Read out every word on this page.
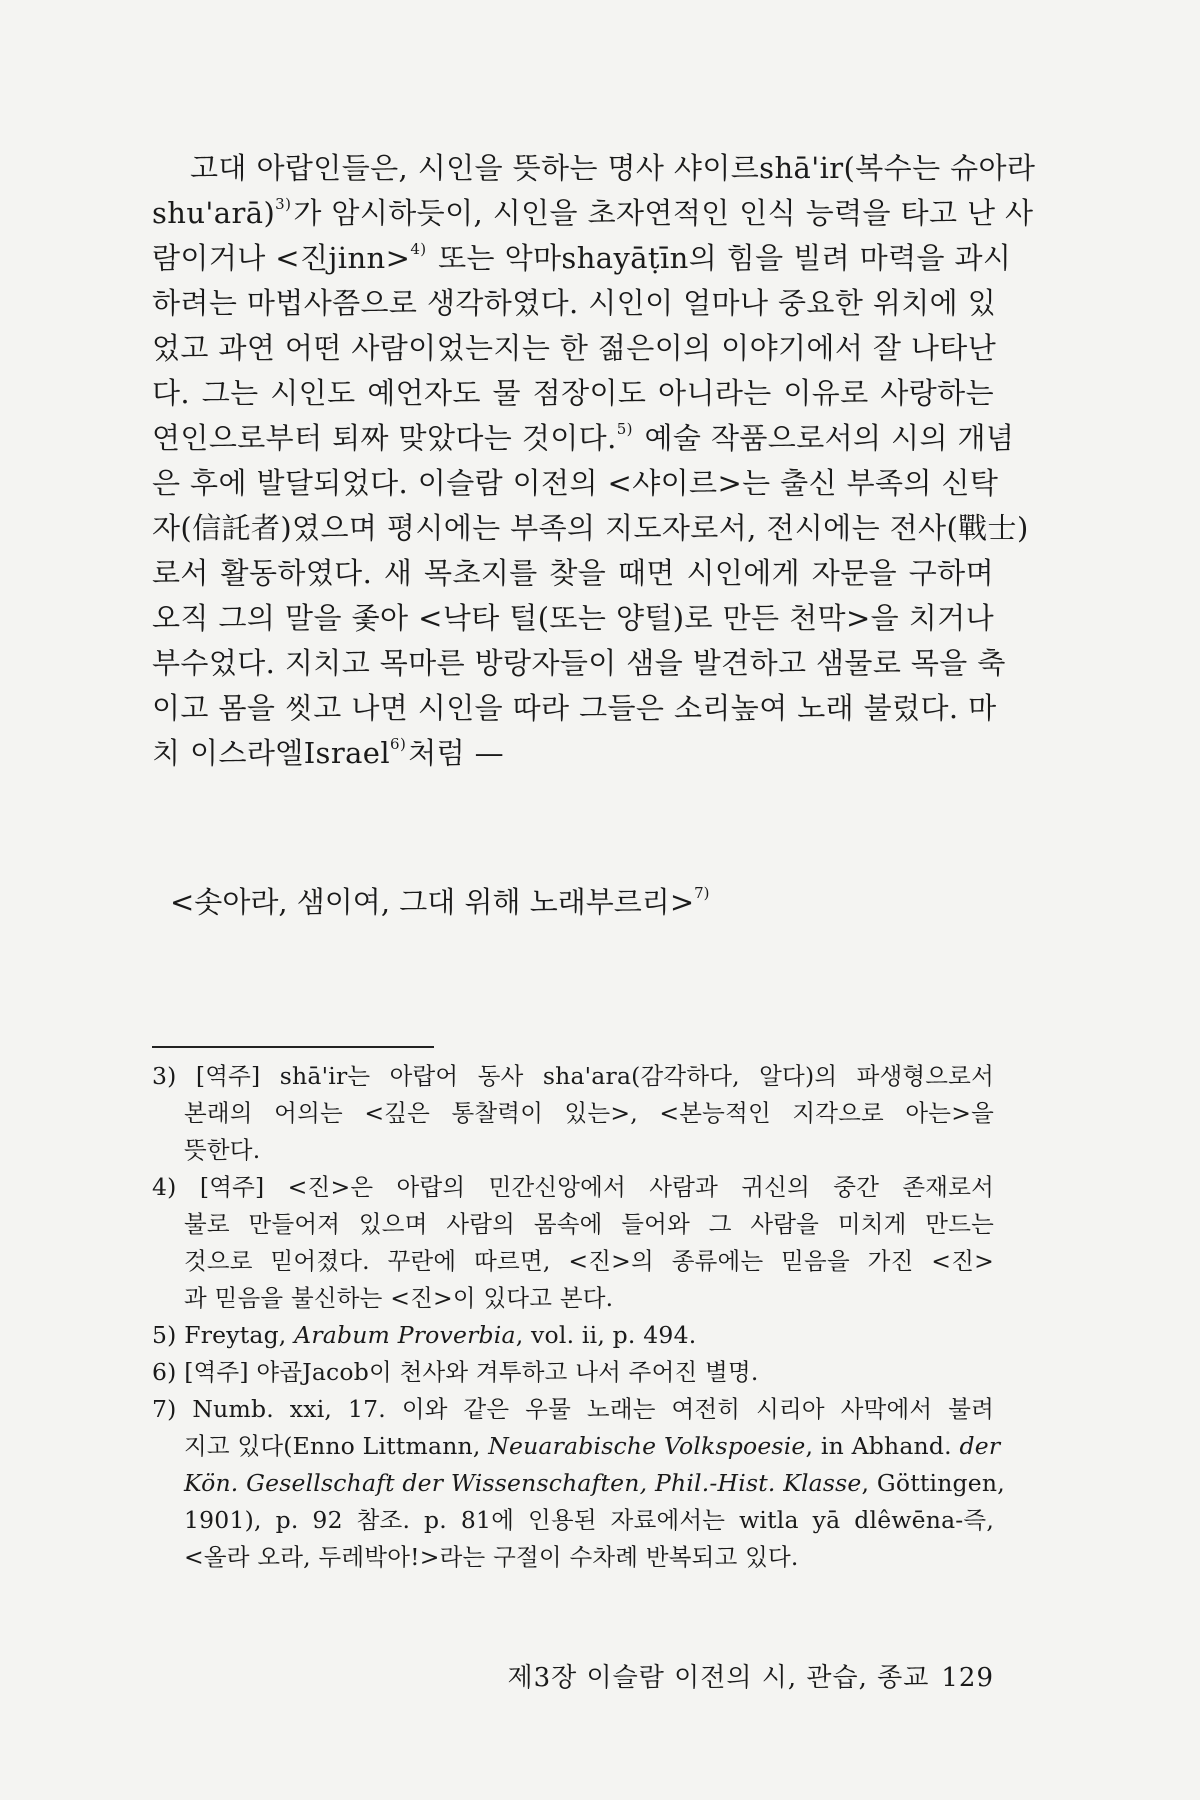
고대 아랍인들은, 시인을 뜻하는 명사 샤이르shā'ir(복수는 슈아라
shu'arā)$^{3)}$가 암시하듯이, 시인을 초자연적인 인식 능력을 타고 난 사
람이거나 <진jinn>$^{4)}$ 또는 악마shayāṭīn의 힘을 빌려 마력을 과시
하려는 마법사쯤으로 생각하였다. 시인이 얼마나 중요한 위치에 있
었고 과연 어떤 사람이었는지는 한 젊은이의 이야기에서 잘 나타난
다. 그는 시인도 예언자도 물 점장이도 아니라는 이유로 사랑하는
연인으로부터 퇴짜 맞았다는 것이다.$^{5)}$ 예술 작품으로서의 시의 개념
은 후에 발달되었다. 이슬람 이전의 <샤이르>는 출신 부족의 신탁
자(信託者)였으며 평시에는 부족의 지도자로서, 전시에는 전사(戰士)
로서 활동하였다. 새 목초지를 찾을 때면 시인에게 자문을 구하며
오직 그의 말을 좇아 <낙타 털(또는 양털)로 만든 천막>을 치거나
부수었다. 지치고 목마른 방랑자들이 샘을 발견하고 샘물로 목을 축
이고 몸을 씻고 나면 시인을 따라 그들은 소리높여 노래 불렀다. 마
치 이스라엘Israel$^{6)}$처럼 —
<솟아라, 샘이여, 그대 위해 노래부르리>$^{7)}$
3) [역주] shā'ir는 아랍어 동사 sha'ara(감각하다, 알다)의 파생형으로서
본래의 어의는 <깊은 통찰력이 있는>, <본능적인 지각으로 아는>을
뜻한다.
4) [역주] <진>은 아랍의 민간신앙에서 사람과 귀신의 중간 존재로서
불로 만들어져 있으며 사람의 몸속에 들어와 그 사람을 미치게 만드는
것으로 믿어졌다. 꾸란에 따르면, <진>의 종류에는 믿음을 가진 <진>
과 믿음을 불신하는 <진>이 있다고 본다.
5) Freytag, Arabum Proverbia, vol. ii, p. 494.
6) [역주] 야곱Jacob이 천사와 겨투하고 나서 주어진 별명.
7) Numb. xxi, 17. 이와 같은 우물 노래는 여전히 시리아 사막에서 불려
지고 있다(Enno Littmann, Neuarabische Volkspoesie, in Abhand. der
Kön. Gesellschaft der Wissenschaften, Phil.-Hist. Klasse, Göttingen,
1901), p. 92 참조. p. 81에 인용된 자료에서는 witla yā dlêwēna-즉,
<올라 오라, 두레박아!>라는 구절이 수차례 반복되고 있다.
제3장 이슬람 이전의 시, 관습, 종교 129
